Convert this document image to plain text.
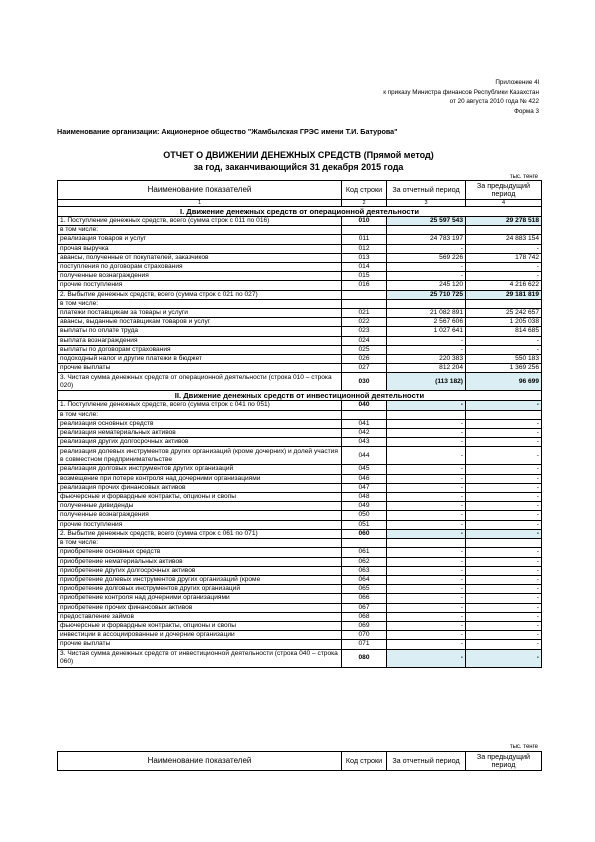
Приложение 4l
к приказу Министра финансов Республики Казахстан
от 20 августа 2010 года № 422
Форма 3
Наименование организации: Акционерное общество "Жамбылская ГРЭС имени Т.И. Батурова"
ОТЧЕТ О ДВИЖЕНИИ ДЕНЕЖНЫХ СРЕДСТВ (Прямой метод)
за год, заканчивающийся 31 декабря 2015 года
тыс. тенге
Наименование показателей	Код строки	За отчетный период	За предыдущий период
1	2	3	4
I. Движение денежных средств от операционной деятельности			
1. Поступление денежных средств, всего (сумма строк с 011 по 016)	010	25 597 543	29 278 518
в том числе:			
реализация товаров и услуг	011	24 783 197	24 883 154
прочая выручка	012	-	-
авансы, полученные от покупателей, заказчиков	013	569 226	178 742
поступления по договорам страхования	014	-	-
полученные вознаграждения	015	-	-
прочие поступления	016	245 120	4 216 622
2. Выбытие денежных средств, всего (сумма строк с 021 по 027)		25 710 725	29 181 819
в том числе:			
платежи поставщикам за товары и услуги	021	21 082 891	25 242 657
авансы, выданные поставщикам товаров и услуг	022	2 567 606	1 205 038
выплаты по оплате труда	023	1 027 641	814 685
выплата вознаграждения	024	-	-
выплаты по договорам страхования	025	-	-
подоходный налог и другие платежи в бюджет	026	220 383	550 183
прочие выплаты	027	812 204	1 369 256
3. Чистая сумма денежных средств от операционной деятельности (строка 010 – строка 020)	030	(113 182)	96 699
II. Движение денежных средств от инвестиционной деятельности			
1. Поступление денежных средств, всего (сумма строк с 041 по 051)	040	-	-
в том числе:			
реализация основных средств	041	-	-
реализация нематериальных активов	042	-	-
реализация других долгосрочных активов	043	-	-
реализация долевых инструментов других организаций (кроме дочерних) и долей участия в совместном предпринимательстве	044	-	-
реализация долговых инструментов других организаций	045	-	-
возмещение при потере контроля над дочерними организациями	046	-	-
реализация прочих финансовых активов	047	-	-
фьючерсные и форвардные контракты, опционы и свопы	048	-	-
полученные дивиденды	049	-	-
полученные вознаграждения	050	-	-
прочие поступления	051	-	-
2. Выбытие денежных средств, всего (сумма строк с 061 по 071)	060	-	-
в том числе:			
приобретение основных средств	061	-	-
приобретение нематериальных активов	062	-	-
приобретение других долгосрочных активов	063	-	-
приобретение долевых инструментов других организаций (кроме	064	-	-
приобретение долговых инструментов других организаций	065	-	-
приобретение контроля над дочерними организациями	066	-	-
приобретение прочих финансовых активов	067	-	-
предоставление займов	068	-	-
фьючерсные и форвардные контракты, опционы и свопы	069	-	-
инвестиции в ассоциированные и дочерние организации	070	-	-
прочие выплаты	071	-	-
3. Чистая сумма денежных средств от инвестиционной деятельности (строка 040 – строка 060)	080	-	-
тыс. тенге
Наименование показателей	Код строки	За отчетный период	За предыдущий период
